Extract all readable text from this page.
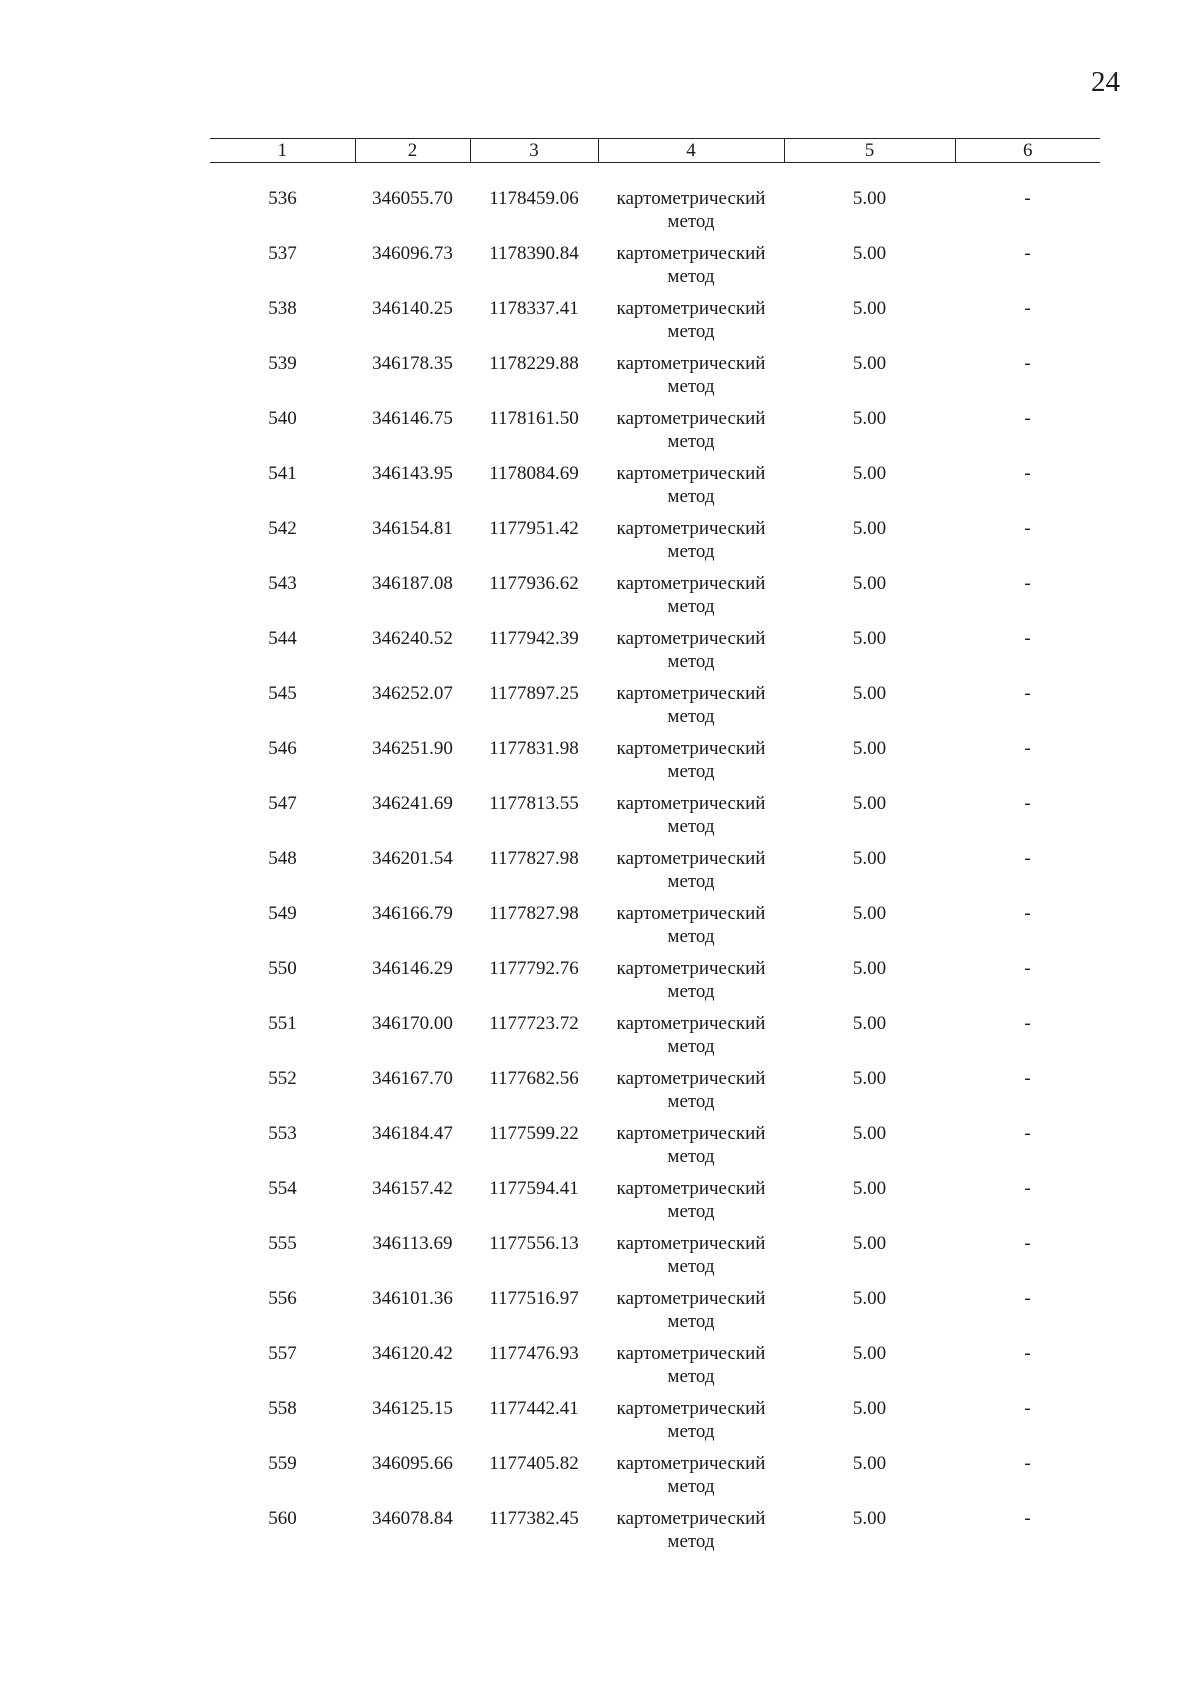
24
1	2	3	4	5	6

536	346055.70	1178459.06	картометрический метод	5.00	-
537	346096.73	1178390.84	картометрический метод	5.00	-
538	346140.25	1178337.41	картометрический метод	5.00	-
539	346178.35	1178229.88	картометрический метод	5.00	-
540	346146.75	1178161.50	картометрический метод	5.00	-
541	346143.95	1178084.69	картометрический метод	5.00	-
542	346154.81	1177951.42	картометрический метод	5.00	-
543	346187.08	1177936.62	картометрический метод	5.00	-
544	346240.52	1177942.39	картометрический метод	5.00	-
545	346252.07	1177897.25	картометрический метод	5.00	-
546	346251.90	1177831.98	картометрический метод	5.00	-
547	346241.69	1177813.55	картометрический метод	5.00	-
548	346201.54	1177827.98	картометрический метод	5.00	-
549	346166.79	1177827.98	картометрический метод	5.00	-
550	346146.29	1177792.76	картометрический метод	5.00	-
551	346170.00	1177723.72	картометрический метод	5.00	-
552	346167.70	1177682.56	картометрический метод	5.00	-
553	346184.47	1177599.22	картометрический метод	5.00	-
554	346157.42	1177594.41	картометрический метод	5.00	-
555	346113.69	1177556.13	картометрический метод	5.00	-
556	346101.36	1177516.97	картометрический метод	5.00	-
557	346120.42	1177476.93	картометрический метод	5.00	-
558	346125.15	1177442.41	картометрический метод	5.00	-
559	346095.66	1177405.82	картометрический метод	5.00	-
560	346078.84	1177382.45	картометрический метод	5.00	-
